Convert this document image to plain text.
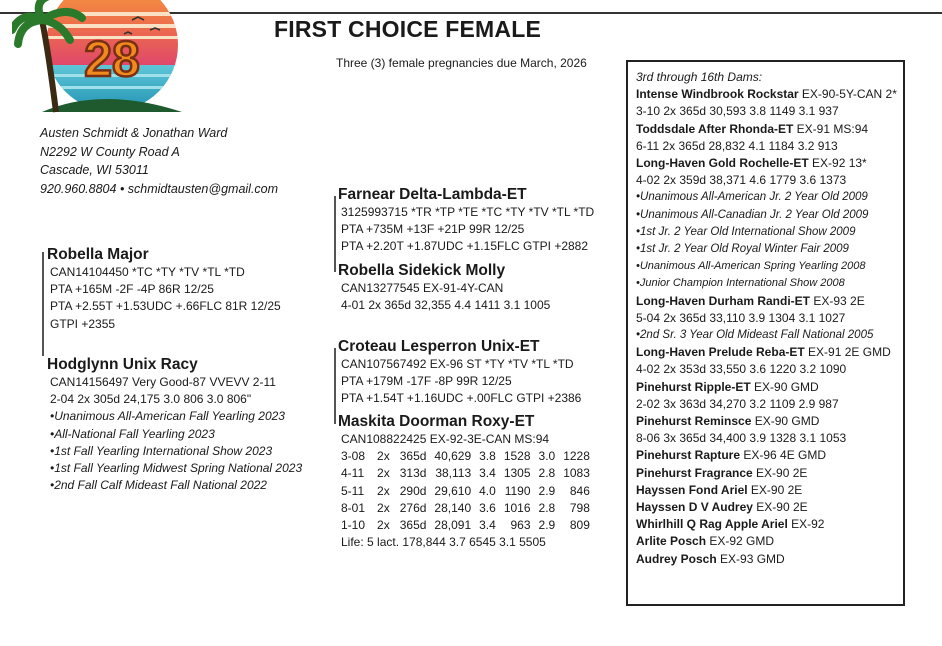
28
FIRST CHOICE FEMALE
Three (3) female pregnancies due March, 2026
Austen Schmidt & Jonathan Ward
N2292 W County Road A
Cascade, WI 53011
920.960.8804 • schmidtausten@gmail.com
Robella Major
CAN14104450 *TC *TY *TV *TL *TD
PTA +165M -2F -4P 86R 12/25
PTA +2.55T +1.53UDC +.66FLC 81R 12/25
GTPI +2355
Hodglynn Unix Racy
CAN14156497 Very Good-87 VVEVV 2-11
2-04 2x 305d 24,175 3.0 806 3.0 806"
•Unanimous All-American Fall Yearling 2023
•All-National Fall Yearling 2023
•1st Fall Yearling International Show 2023
•1st Fall Yearling Midwest Spring National 2023
•2nd Fall Calf Mideast Fall National 2022
Farnear Delta-Lambda-ET
3125993715 *TR *TP *TE *TC *TY *TV *TL *TD
PTA +735M +13F +21P 99R 12/25
PTA +2.20T +1.87UDC +1.15FLC GTPI +2882
Robella Sidekick Molly
CAN13277545 EX-91-4Y-CAN
4-01 2x 365d 32,355 4.4 1411 3.1 1005
Croteau Lesperron Unix-ET
CAN107567492 EX-96 ST *TY *TV *TL *TD
PTA +179M -17F -8P 99R 12/25
PTA +1.54T +1.16UDC +.00FLC GTPI +2386
Maskita Doorman Roxy-ET
CAN108822425 EX-92-3E-CAN MS:94
3-08	2x	365d	40,629	3.8	1528	3.0	1228
4-11	2x	313d	38,113	3.4	1305	2.8	1083
5-11	2x	290d	29,610	4.0	1190	2.9	846
8-01	2x	276d	28,140	3.6	1016	2.8	798
1-10	2x	365d	28,091	3.4	963	2.9	809
Life: 5 lact. 178,844 3.7 6545 3.1 5505
3rd through 16th Dams:
Intense Windbrook Rockstar EX-90-5Y-CAN 2*
3-10 2x 365d 30,593 3.8 1149 3.1 937
Toddsdale After Rhonda-ET EX-91 MS:94
6-11 2x 365d 28,832 4.1 1184 3.2 913
Long-Haven Gold Rochelle-ET EX-92 13*
4-02 2x 359d 38,371 4.6 1779 3.6 1373
•Unanimous All-American Jr. 2 Year Old 2009
•Unanimous All-Canadian Jr. 2 Year Old 2009
•1st Jr. 2 Year Old International Show 2009
•1st Jr. 2 Year Old Royal Winter Fair 2009
•Unanimous All-American Spring Yearling 2008
•Junior Champion International Show 2008
Long-Haven Durham Randi-ET EX-93 2E
5-04 2x 365d 33,110 3.9 1304 3.1 1027
•2nd Sr. 3 Year Old Mideast Fall National 2005
Long-Haven Prelude Reba-ET EX-91 2E GMD
4-02 2x 353d 33,550 3.6 1220 3.2 1090
Pinehurst Ripple-ET EX-90 GMD
2-02 3x 363d 34,270 3.2 1109 2.9 987
Pinehurst Reminsce EX-90 GMD
8-06 3x 365d 34,400 3.9 1328 3.1 1053
Pinehurst Rapture EX-96 4E GMD
Pinehurst Fragrance EX-90 2E
Hayssen Fond Ariel EX-90 2E
Hayssen D V Audrey EX-90 2E
Whirlhill Q Rag Apple Ariel EX-92
Arlite Posch EX-92 GMD
Audrey Posch EX-93 GMD
